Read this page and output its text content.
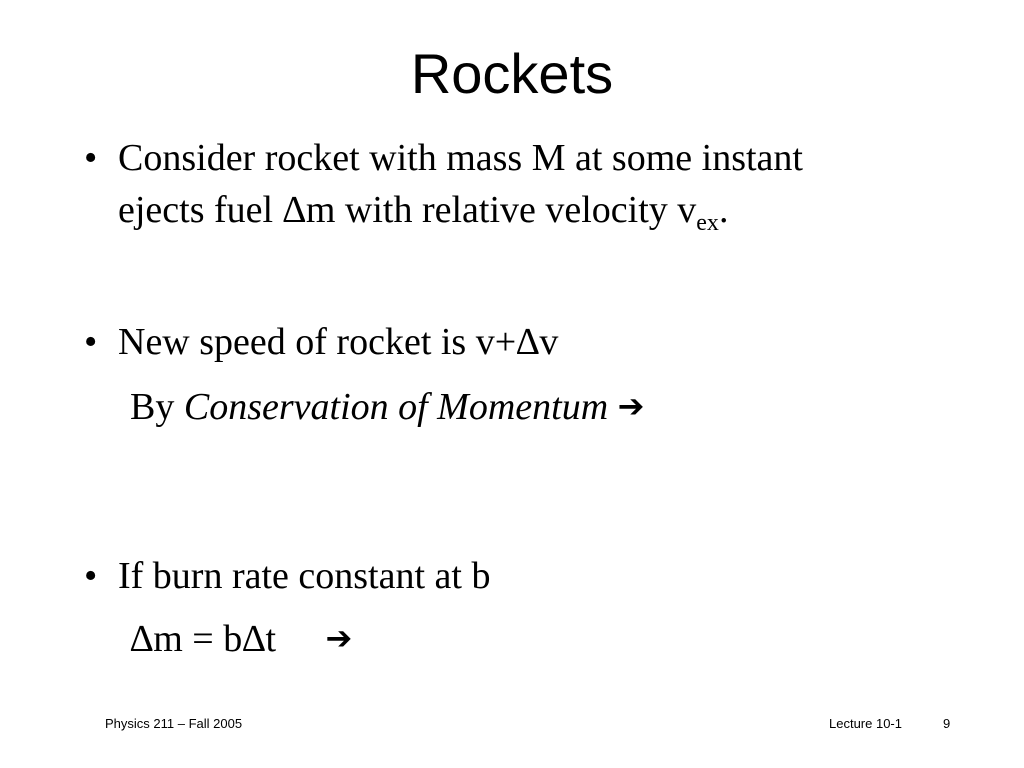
Rockets
• Consider rocket with mass M at some instant
ejects fuel ∆m with relative velocity $v_{ex}$.
• New speed of rocket is v+∆v
By Conservation of Momentum ➔
• If burn rate constant at b
∆m = b∆t ➔
Physics 211 – Fall 2005	Lecture 10-1	9
